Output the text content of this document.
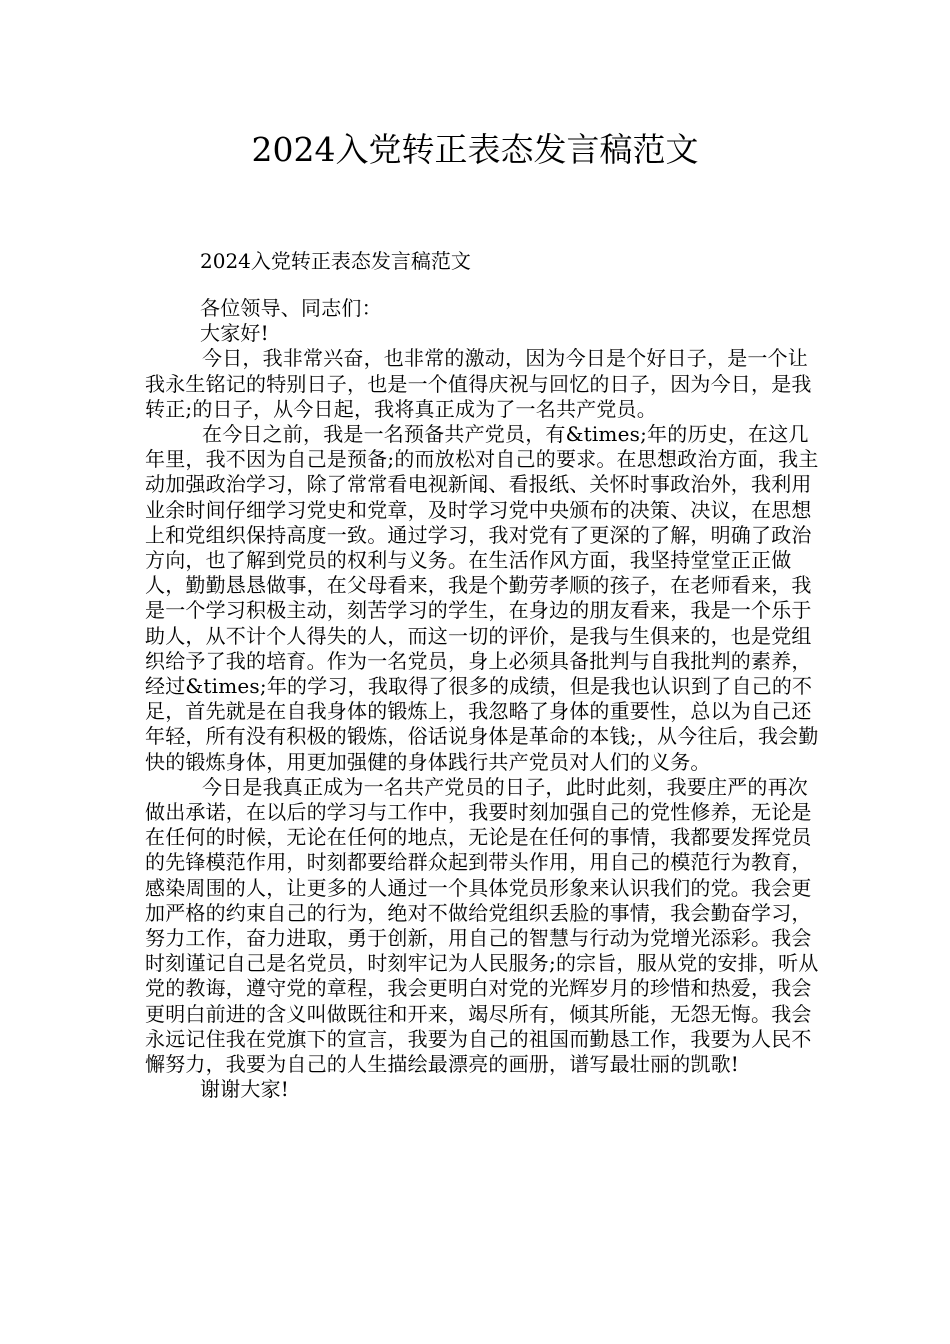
2024入党转正表态发言稿范文

2024入党转正表态发言稿范文

各位领导、同志们：

大家好!

今日，我非常兴奋，也非常的激动，因为今日是个好日子，是一个让我永生铭记的特别日子，也是一个值得庆祝与回忆的日子，因为今日，是我转正;的日子，从今日起，我将真正成为了一名共产党员。

在今日之前，我是一名预备共产党员，有&times;年的历史，在这几年里，我不因为自己是预备;的而放松对自己的要求。在思想政治方面，我主动加强政治学习，除了常常看电视新闻、看报纸、关怀时事政治外，我利用业余时间仔细学习党史和党章，及时学习党中央颁布的决策、决议，在思想上和党组织保持高度一致。通过学习，我对党有了更深的了解，明确了政治方向，也了解到党员的权利与义务。在生活作风方面，我坚持堂堂正正做人，勤勤恳恳做事，在父母看来，我是个勤劳孝顺的孩子，在老师看来，我是一个学习积极主动，刻苦学习的学生，在身边的朋友看来，我是一个乐于助人，从不计个人得失的人，而这一切的评价，是我与生俱来的，也是党组织给予了我的培育。作为一名党员，身上必须具备批判与自我批判的素养，经过&times;年的学习，我取得了很多的成绩，但是我也认识到了自己的不足，首先就是在自我身体的锻炼上，我忽略了身体的重要性，总以为自己还年轻，所有没有积极的锻炼，俗话说身体是革命的本钱;，从今往后，我会勤快的锻炼身体，用更加强健的身体践行共产党员对人们的义务。

今日是我真正成为一名共产党员的日子，此时此刻，我要庄严的再次做出承诺，在以后的学习与工作中，我要时刻加强自己的党性修养，无论是在任何的时候，无论在任何的地点，无论是在任何的事情，我都要发挥党员的先锋模范作用，时刻都要给群众起到带头作用，用自己的模范行为教育，感染周围的人，让更多的人通过一个具体党员形象来认识我们的党。我会更加严格的约束自己的行为，绝对不做给党组织丢脸的事情，我会勤奋学习，努力工作，奋力进取，勇于创新，用自己的智慧与行动为党增光添彩。我会时刻谨记自己是名党员，时刻牢记为人民服务;的宗旨，服从党的安排，听从党的教诲，遵守党的章程，我会更明白对党的光辉岁月的珍惜和热爱，我会更明白前进的含义叫做既往和开来，竭尽所有，倾其所能，无怨无悔。我会永远记住我在党旗下的宣言，我要为自己的祖国而勤恳工作，我要为人民不懈努力，我要为自己的人生描绘最漂亮的画册，谱写最壮丽的凯歌!

谢谢大家!
